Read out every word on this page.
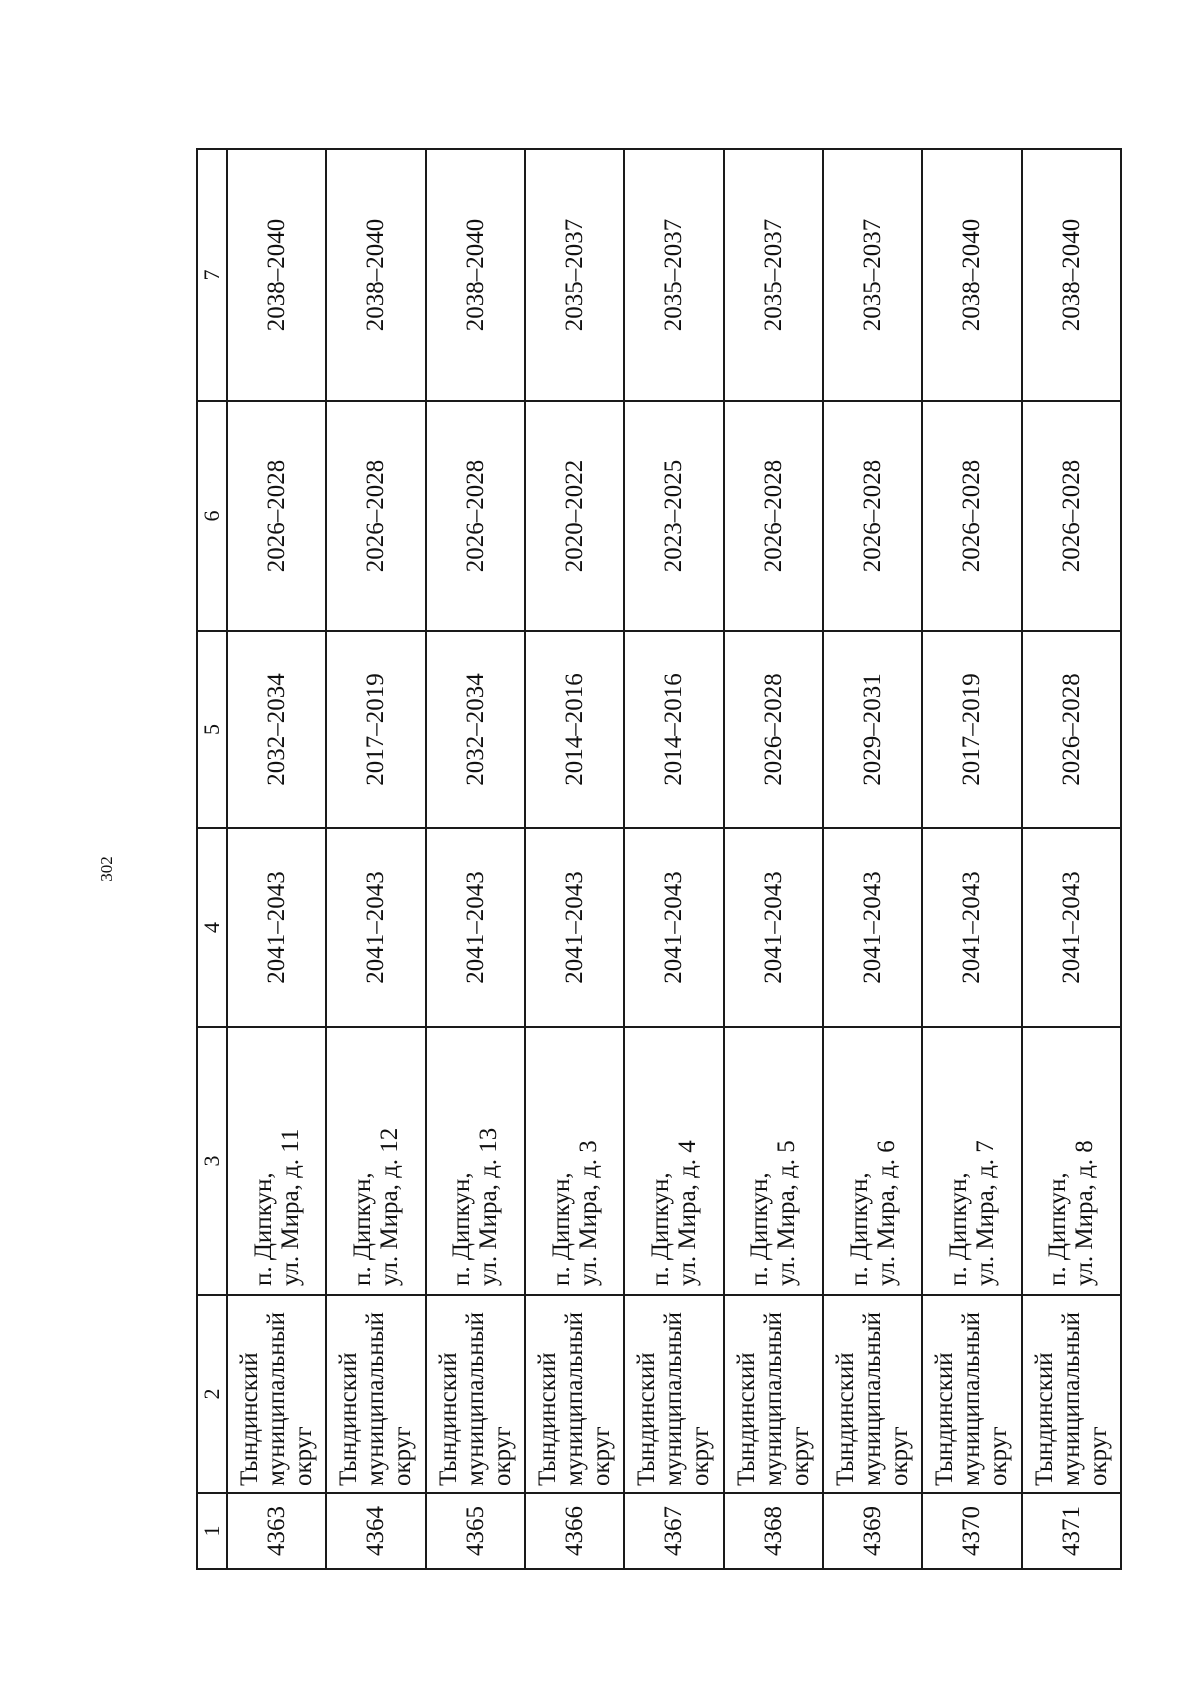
302
1	2	3	4	5	6	7
4363	Тындинский муниципальный округ	п. Дипкун, ул. Мира, д. 11	2041–2043	2032–2034	2026–2028	2038–2040
4364	Тындинский муниципальный округ	п. Дипкун, ул. Мира, д. 12	2041–2043	2017–2019	2026–2028	2038–2040
4365	Тындинский муниципальный округ	п. Дипкун, ул. Мира, д. 13	2041–2043	2032–2034	2026–2028	2038–2040
4366	Тындинский муниципальный округ	п. Дипкун, ул. Мира, д. 3	2041–2043	2014–2016	2020–2022	2035–2037
4367	Тындинский муниципальный округ	п. Дипкун, ул. Мира, д. 4	2041–2043	2014–2016	2023–2025	2035–2037
4368	Тындинский муниципальный округ	п. Дипкун, ул. Мира, д. 5	2041–2043	2026–2028	2026–2028	2035–2037
4369	Тындинский муниципальный округ	п. Дипкун, ул. Мира, д. 6	2041–2043	2029–2031	2026–2028	2035–2037
4370	Тындинский муниципальный округ	п. Дипкун, ул. Мира, д. 7	2041–2043	2017–2019	2026–2028	2038–2040
4371	Тындинский муниципальный округ	п. Дипкун, ул. Мира, д. 8	2041–2043	2026–2028	2026–2028	2038–2040
